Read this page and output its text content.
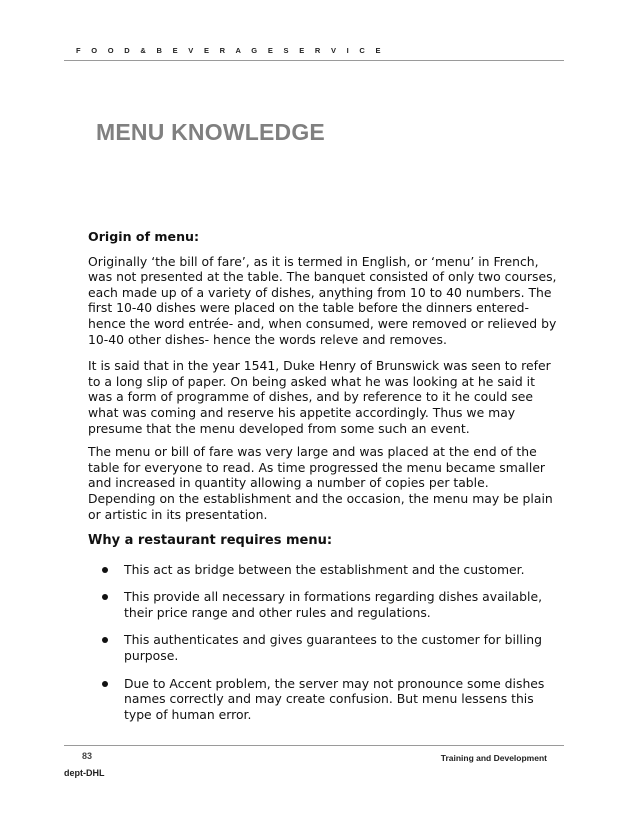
F O O D & B E V E R A G E S E R V I C E
MENU KNOWLEDGE
Origin of menu:

Originally ‘the bill of fare’, as it is termed in English, or ‘menu’ in French, was not presented at the table. The banquet consisted of only two courses, each made up of a variety of dishes, anything from 10 to 40 numbers. The first 10-40 dishes were placed on the table before the dinners entered- hence the word entrée- and, when consumed, were removed or relieved by 10-40 other dishes- hence the words releve and removes.

It is said that in the year 1541, Duke Henry of Brunswick was seen to refer to a long slip of paper. On being asked what he was looking at he said it was a form of programme of dishes, and by reference to it he could see what was coming and reserve his appetite accordingly. Thus we may presume that the menu developed from some such an event.

The menu or bill of fare was very large and was placed at the end of the table for everyone to read. As time progressed the menu became smaller and increased in quantity allowing a number of copies per table. Depending on the establishment and the occasion, the menu may be plain or artistic in its presentation.

Why a restaurant requires menu:
This act as bridge between the establishment and the customer.
This provide all necessary in formations regarding dishes available, their price range and other rules and regulations.
This authenticates and gives guarantees to the customer for billing purpose.
Due to Accent problem, the server may not pronounce some dishes names correctly and may create confusion. But menu lessens this type of human error.
83	Training and Development
dept-DHL
